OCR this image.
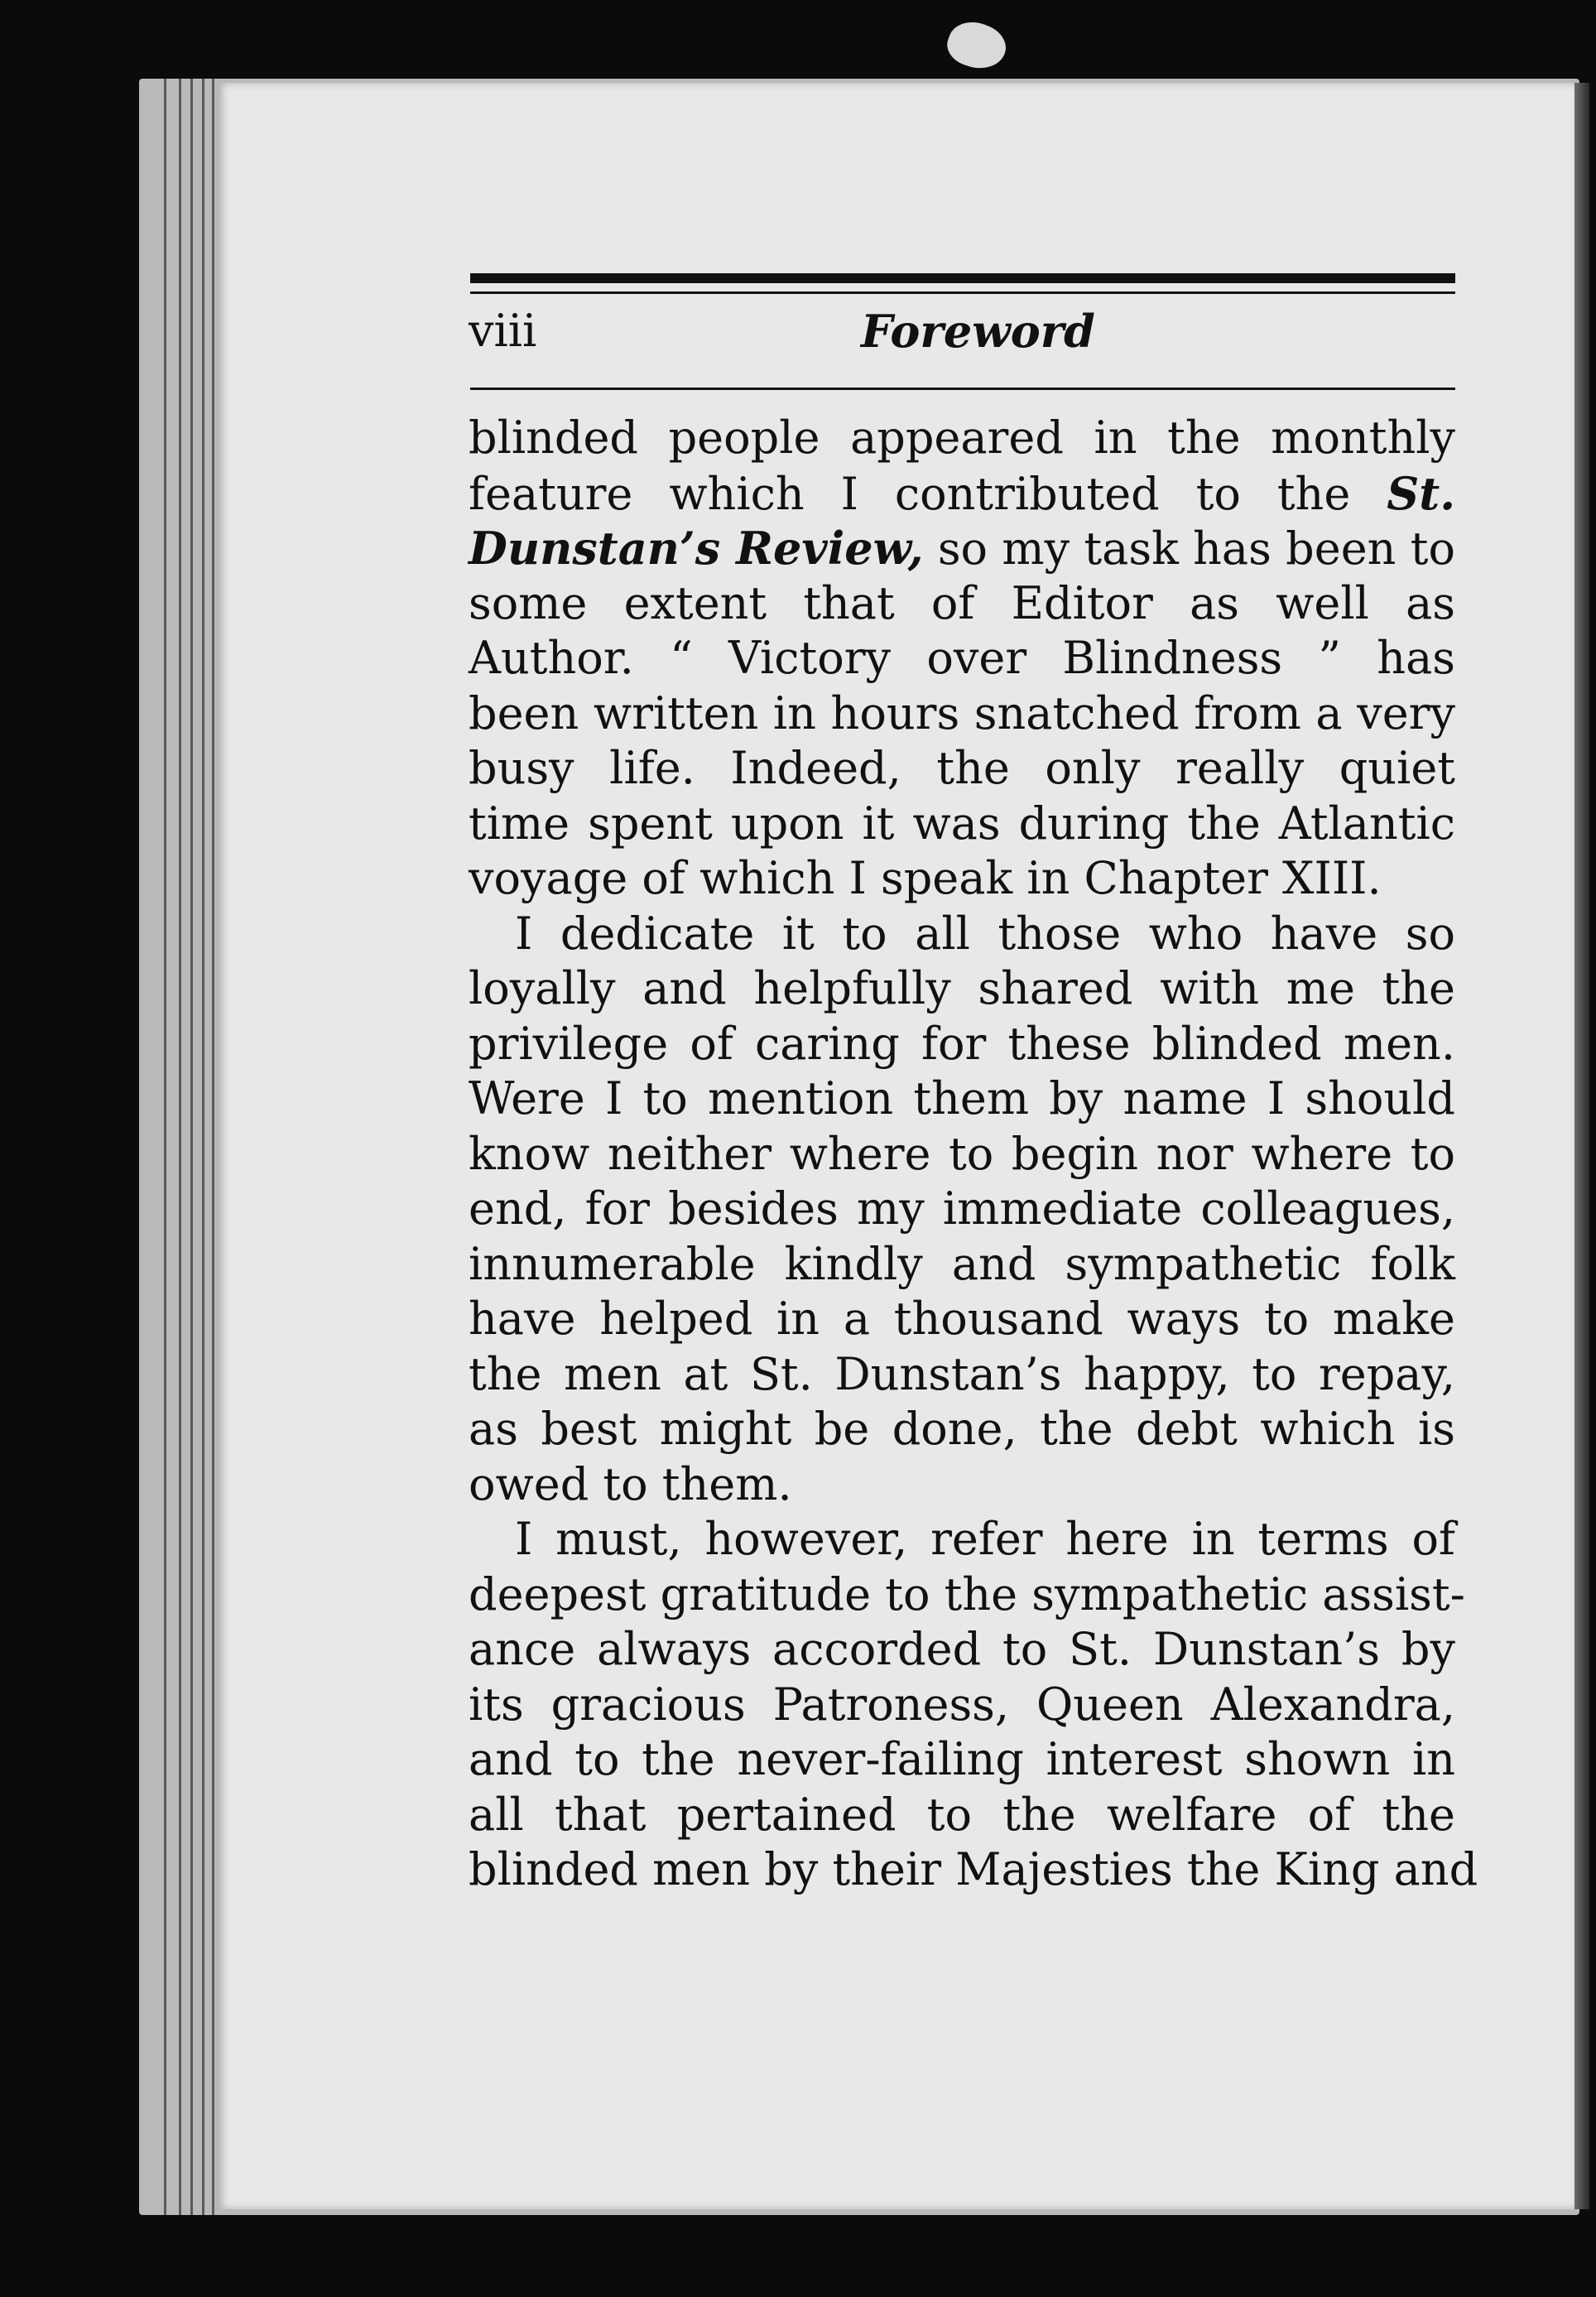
viii	Foreword
blinded people appeared in the monthly
feature which I contributed to the St.
Dunstan’s Review, so my task has been to
some extent that of Editor as well as
Author. “ Victory over Blindness ” has
been written in hours snatched from a very
busy life. Indeed, the only really quiet
time spent upon it was during the Atlantic
voyage of which I speak in Chapter XIII.
I dedicate it to all those who have so
loyally and helpfully shared with me the
privilege of caring for these blinded men.
Were I to mention them by name I should
know neither where to begin nor where to
end, for besides my immediate colleagues,
innumerable kindly and sympathetic folk
have helped in a thousand ways to make
the men at St. Dunstan’s happy, to repay,
as best might be done, the debt which is
owed to them.
I must, however, refer here in terms of
deepest gratitude to the sympathetic assist-
ance always accorded to St. Dunstan’s by
its gracious Patroness, Queen Alexandra,
and to the never-failing interest shown in
all that pertained to the welfare of the
blinded men by their Majesties the King and
